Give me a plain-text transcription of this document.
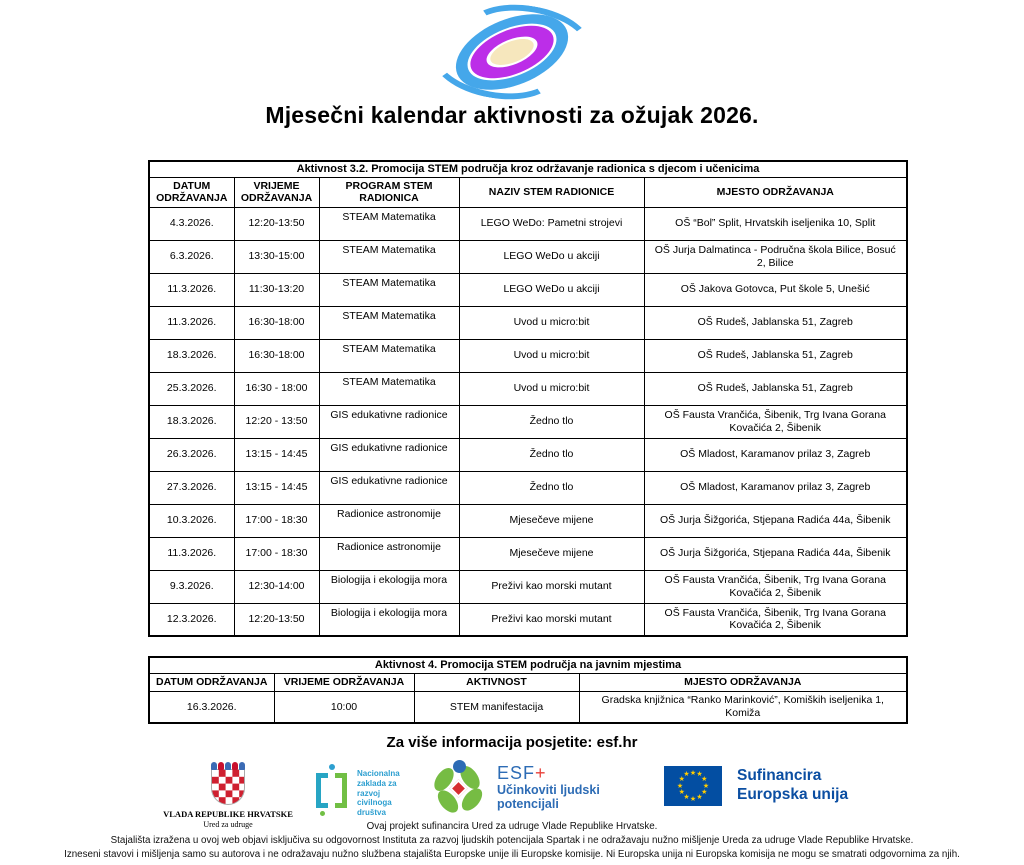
Mjesečni kalendar aktivnosti za ožujak 2026.
Aktivnost 3.2. Promocija STEM područja kroz održavanje radionica s djecom i učenicima				
DATUM ODRŽAVANJA	VRIJEME ODRŽAVANJA	PROGRAM STEM RADIONICA	NAZIV STEM RADIONICE	MJESTO ODRŽAVANJA
4.3.2026.	12:20-13:50	STEAM Matematika	LEGO WeDo: Pametni strojevi	OŠ “Bol” Split, Hrvatskih iseljenika 10, Split
6.3.2026.	13:30-15:00	STEAM Matematika	LEGO WeDo u akciji	OŠ Jurja Dalmatinca - Područna škola Bilice, Bosuć 2, Bilice
11.3.2026.	11:30-13:20	STEAM Matematika	LEGO WeDo u akciji	OŠ Jakova Gotovca, Put škole 5, Unešić
11.3.2026.	16:30-18:00	STEAM Matematika	Uvod u micro:bit	OŠ Rudeš, Jablanska 51, Zagreb
18.3.2026.	16:30-18:00	STEAM Matematika	Uvod u micro:bit	OŠ Rudeš, Jablanska 51, Zagreb
25.3.2026.	16:30 - 18:00	STEAM Matematika	Uvod u micro:bit	OŠ Rudeš, Jablanska 51, Zagreb
18.3.2026.	12:20 - 13:50	GIS edukativne radionice	Žedno tlo	OŠ Fausta Vrančića, Šibenik, Trg Ivana Gorana Kovačića 2, Šibenik
26.3.2026.	13:15 - 14:45	GIS edukativne radionice	Žedno tlo	OŠ Mladost, Karamanov prilaz 3, Zagreb
27.3.2026.	13:15 - 14:45	GIS edukativne radionice	Žedno tlo	OŠ Mladost, Karamanov prilaz 3, Zagreb
10.3.2026.	17:00 - 18:30	Radionice astronomije	Mjesečeve mijene	OŠ Jurja Šižgorića, Stjepana Radića 44a, Šibenik
11.3.2026.	17:00 - 18:30	Radionice astronomije	Mjesečeve mijene	OŠ Jurja Šižgorića, Stjepana Radića 44a, Šibenik
9.3.2026.	12:30-14:00	Biologija i ekologija mora	Preživi kao morski mutant	OŠ Fausta Vrančića, Šibenik, Trg Ivana Gorana Kovačića 2, Šibenik
12.3.2026.	12:20-13:50	Biologija i ekologija mora	Preživi kao morski mutant	OŠ Fausta Vrančića, Šibenik, Trg Ivana Gorana Kovačića 2, Šibenik
Aktivnost 4. Promocija STEM područja na javnim mjestima			
DATUM ODRŽAVANJA	VRIJEME ODRŽAVANJA	AKTIVNOST	MJESTO ODRŽAVANJA
16.3.2026.	10:00	STEM manifestacija	Gradska knjižnica “Ranko Marinković”, Komiških iseljenika 1, Komiža
Za više informacija posjetite: esf.hr
VLADA REPUBLIKE HRVATSKE
Ured za udruge
Nacionalna
zaklada za
razvoj
civilnoga
društva
ESF+
Učinkoviti ljudski
potencijali
★ ★
★
★
★
★
★
★
★
★
★
★	Sufinancira
Europska unija
Ovaj projekt sufinancira Ured za udruge Vlade Republike Hrvatske.
Stajališta izražena u ovoj web objavi isključiva su odgovornost Instituta za razvoj ljudskih potencijala Spartak i ne odražavaju nužno mišljenje Ureda za udruge Vlade Republike Hrvatske.
Izneseni stavovi i mišljenja samo su autorova i ne odražavaju nužno službena stajališta Europske unije ili Europske komisije. Ni Europska unija ni Europska komisija ne mogu se smatrati odgovornima za njih.
